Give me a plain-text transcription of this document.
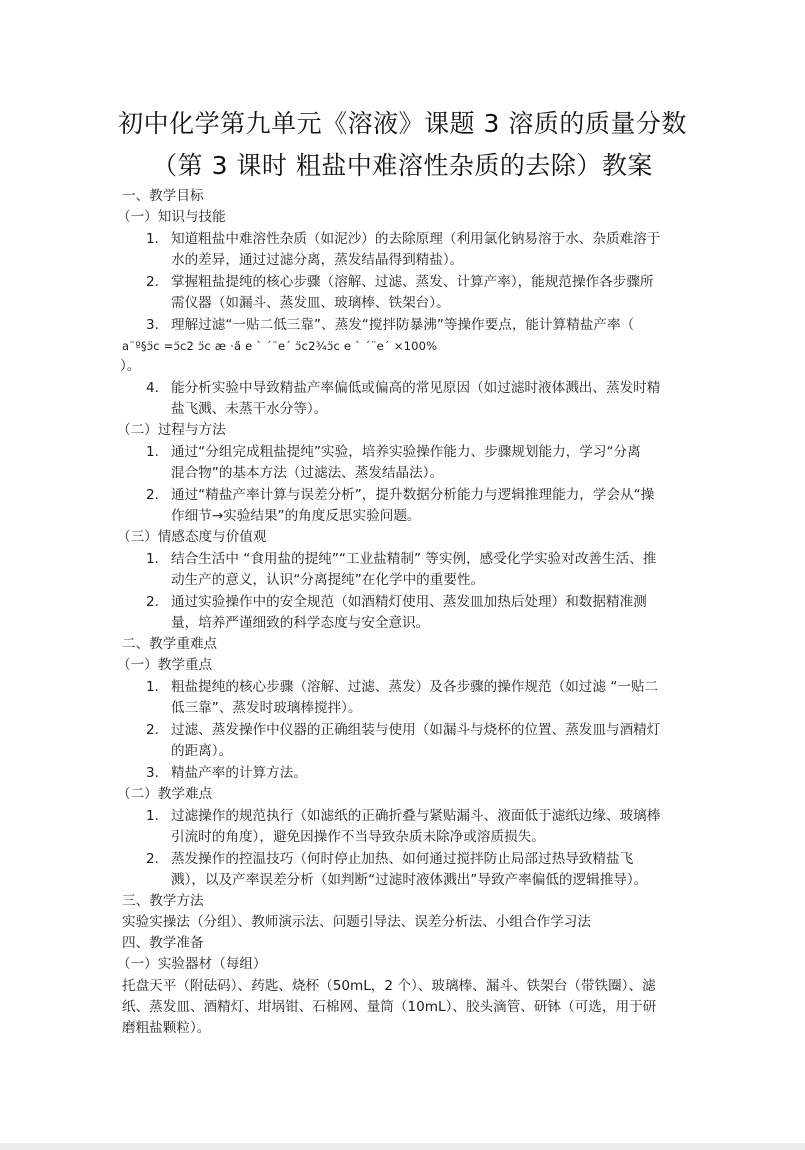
初中化学第九单元《溶液》课题 3 溶质的质量分数
（第 3 课时 粗盐中难溶性杂质的去除）教案
一、教学目标
（一）知识与技能
1. 知道粗盐中难溶性杂质（如泥沙）的去除原理（利用氯化钠易溶于水、杂质难溶于
水的差异，通过过滤分离，蒸发结晶得到精盐）。
2. 掌握粗盐提纯的核心步骤（溶解、过滤、蒸发、计算产率），能规范操作各步骤所
需仪器（如漏斗、蒸发皿、玻璃棒、铁架台）。
3. 理解过滤“一贴二低三靠”、蒸发“搅拌防暴沸”等操作要点，能计算精盐产率（
a¨º§ↄ̈c =ↄ̈c2 ↄ̈c æ ·a̋ e ` ´¨e´ ↄ̈c2¾ↄ̈c e ` ´¨e´ ×100%
）。
4. 能分析实验中导致精盐产率偏低或偏高的常见原因（如过滤时液体溅出、蒸发时精
盐飞溅、未蒸干水分等）。
（二）过程与方法
1. 通过“分组完成粗盐提纯”实验，培养实验操作能力、步骤规划能力，学习“分离
混合物”的基本方法（过滤法、蒸发结晶法）。
2. 通过“精盐产率计算与误差分析”，提升数据分析能力与逻辑推理能力，学会从“操
作细节→实验结果”的角度反思实验问题。
（三）情感态度与价值观
1. 结合生活中 “食用盐的提纯”“工业盐精制” 等实例，感受化学实验对改善生活、推
动生产的意义，认识“分离提纯”在化学中的重要性。
2. 通过实验操作中的安全规范（如酒精灯使用、蒸发皿加热后处理）和数据精准测
量，培养严谨细致的科学态度与安全意识。
二、教学重难点
（一）教学重点
1. 粗盐提纯的核心步骤（溶解、过滤、蒸发）及各步骤的操作规范（如过滤 “一贴二
低三靠”、蒸发时玻璃棒搅拌）。
2. 过滤、蒸发操作中仪器的正确组装与使用（如漏斗与烧杯的位置、蒸发皿与酒精灯
的距离）。
3. 精盐产率的计算方法。
（二）教学难点
1. 过滤操作的规范执行（如滤纸的正确折叠与紧贴漏斗、液面低于滤纸边缘、玻璃棒
引流时的角度），避免因操作不当导致杂质未除净或溶质损失。
2. 蒸发操作的控温技巧（何时停止加热、如何通过搅拌防止局部过热导致精盐飞
溅），以及产率误差分析（如判断“过滤时液体溅出”导致产率偏低的逻辑推导）。
三、教学方法
实验实操法（分组）、教师演示法、问题引导法、误差分析法、小组合作学习法
四、教学准备
（一）实验器材（每组）
托盘天平（附砝码）、药匙、烧杯（50mL，2 个）、玻璃棒、漏斗、铁架台（带铁圈）、滤
纸、蒸发皿、酒精灯、坩埚钳、石棉网、量筒（10mL）、胶头滴管、研钵（可选，用于研
磨粗盐颗粒）。
